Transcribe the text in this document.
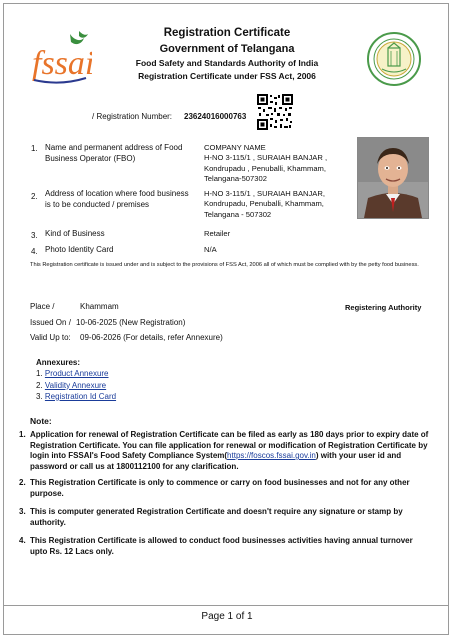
fssai
Registration Certificate
Government of Telangana
Food Safety and Standards Authority of India
Registration Certificate under FSS Act, 2006
/ Registration Number: 23624016000763
1. Name and permanent address of Food
Business Operator (FBO)
COMPANY NAME
H-NO 3-115/1 , SURAIAH BANJAR ,
Kondrupadu , Penuballi, Khammam,
Telangana-507302
2. Address of location where food business
is to be conducted / premises
H-NO 3-115/1 , SURAIAH BANJAR,
Kondrupadu, Penuballi, Khammam,
Telangana - 507302
3. Kind of Business	Retailer
4. Photo Identity Card	N/A
This Registration certificate is issued under and is subject to the provisions of FSS Act, 2006 all of which must be complied with by the petty food business.
Place /	Khammam	Registering Authority
Issued On / 10-06-2025 (New Registration)
Valid Up to: 09-06-2026 (For details, refer Annexure)
Annexures:
1. Product Annexure
2. Validity Annexure
3. Registration Id Card
Note:
1. Application for renewal of Registration Certificate can be filed as early as 180 days prior to expiry date of Registration Certificate. You can file application for renewal or modification of Registration Certificate by login into FSSAI's Food Safety Compliance System(https://foscos.fssai.gov.in) with your user id and password or call us at 1800112100 for any clarification.
2. This Registration Certificate is only to commence or carry on food businesses and not for any other purpose.
3. This is computer generated Registration Certificate and doesn't require any signature or stamp by authority.
4. This Registration Certificate is allowed to conduct food businesses activities having annual turnover upto Rs. 12 Lacs only.
Page 1 of 1
